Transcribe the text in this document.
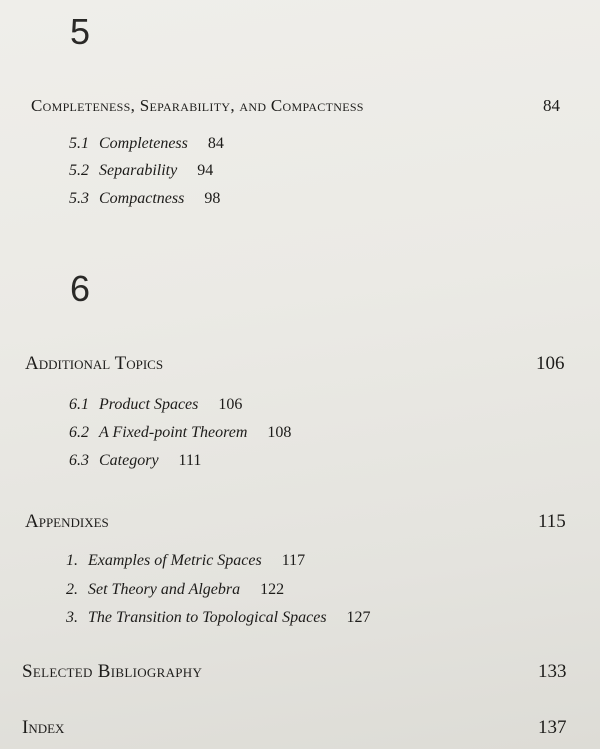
5
Completeness, Separability, and Compactness	84
5.1 Completeness 84
5.2 Separability 94
5.3 Compactness 98
6
Additional Topics	106
6.1 Product Spaces 106
6.2 A Fixed-point Theorem 108
6.3 Category 111
Appendixes	115
1. Examples of Metric Spaces 117
2. Set Theory and Algebra 122
3. The Transition to Topological Spaces 127
Selected Bibliography	133
Index	137
